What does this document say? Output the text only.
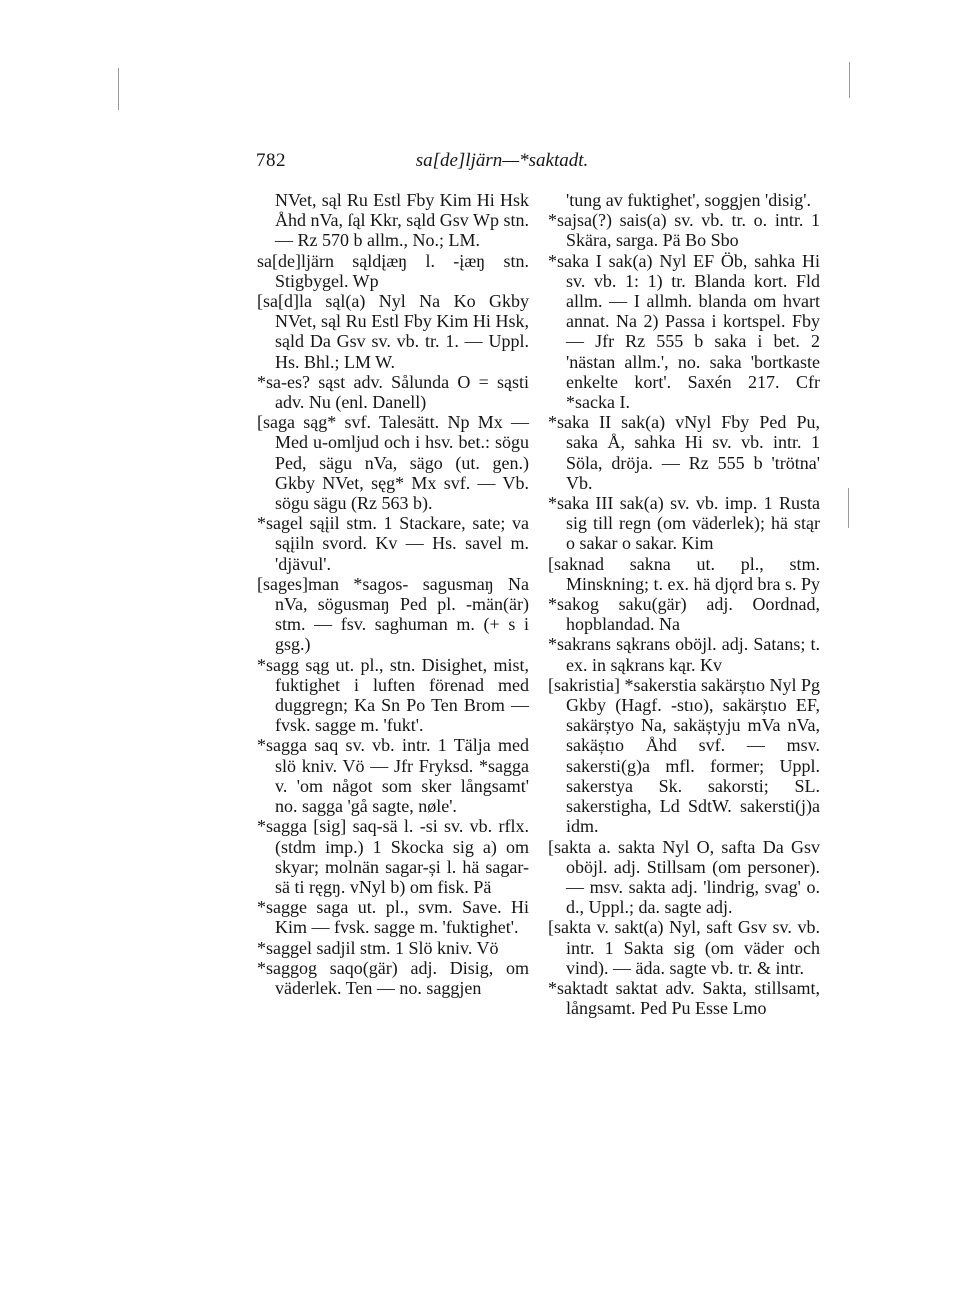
782	sa[de]ljärn—*saktadt.

NVet, sąl Ru Estl Fby Kim Hi Hsk Åhd nVa, ſąl Kkr, sąld Gsv Wp stn. — Rz 570 b allm., No.; LM.

sa[de]ljärn sąldįæŋ l. -įæŋ stn. Stigbygel. Wp

[sa[d]la sąl(a) Nyl Na Ko Gkby NVet, sąl Ru Estl Fby Kim Hi Hsk, sąld Da Gsv sv. vb. tr. 1. — Uppl. Hs. Bhl.; LM W.

*sa-es? sąst adv. Sålunda O = sąsti adv. Nu (enl. Danell)

[saga sąg* svf. Talesätt. Np Mx — Med u-omljud och i hsv. bet.: sögu Ped, sägu nVa, sägo (ut. gen.) Gkby NVet, sęg* Mx svf. — Vb. sögu sägu (Rz 563 b).

*sagel sąįil stm. 1 Stackare, sate; va sąįiln svord. Kv — Hs. savel m. 'djävul'.

[sages]man *sagos- sagusmaŋ Na nVa, sögusmaŋ Ped pl. -män(är) stm. — fsv. saghuman m. (+ s i gsg.)

*sagg sąg ut. pl., stn. Disighet, mist, fuktighet i luften förenad med duggregn; Ka Sn Po Ten Brom — fvsk. sagge m. 'fukt'.

*sagga saq sv. vb. intr. 1 Tälja med slö kniv. Vö — Jfr Fryksd. *sagga v. 'om något som sker långsamt' no. sagga 'gå sagte, nøle'.

*sagga [sig] saq-sä l. -si sv. vb. rflx. (stdm imp.) 1 Skocka sig a) om skyar; molnän sagar-și l. hä sagar-sä ti ręgŋ. vNyl b) om fisk. Pä

*sagge saga ut. pl., svm. Save. Hi Kim — fvsk. sagge m. 'fuktighet'.

*saggel sadjil stm. 1 Slö kniv. Vö

*saggog saqo(gär) adj. Disig, om väderlek. Ten — no. saggjen

'tung av fuktighet', soggjen 'disig'.

*sajsa(?) sais(a) sv. vb. tr. o. intr. 1 Skära, sarga. Pä Bo Sbo

*saka I sak(a) Nyl EF Öb, sahka Hi sv. vb. 1: 1) tr. Blanda kort. Fld allm. — I allmh. blanda om hvart annat. Na 2) Passa i kortspel. Fby — Jfr Rz 555 b saka i bet. 2 'nästan allm.', no. saka 'bortkaste enkelte kort'. Saxén 217. Cfr *sacka I.

*saka II sak(a) vNyl Fby Ped Pu, saka Å, sahka Hi sv. vb. intr. 1 Söla, dröja. — Rz 555 b 'trötna' Vb.

*saka III sak(a) sv. vb. imp. 1 Rusta sig till regn (om väderlek); hä stąr o sakar o sakar. Kim

[saknad sakna ut. pl., stm. Minskning; t. ex. hä djǫrd bra s. Py

*sakog saku(gär) adj. Oordnad, hopblandad. Na

*sakrans sąkrans oböjl. adj. Satans; t. ex. in sąkrans kąr. Kv

[sakristia] *sakerstia sakärștıo Nyl Pg Gkby (Hagf. -stıo), sakärștıo EF, sakärștyo Na, sakäștyju mVa nVa, sakäștıo Åhd svf. — msv. sakersti(g)a mfl. former; Uppl. sakerstya Sk. sakorsti; SL. sakerstigha, Ld SdtW. sakersti(j)a idm.

[sakta a. sakta Nyl O, safta Da Gsv oböjl. adj. Stillsam (om personer). — msv. sakta adj. 'lindrig, svag' o. d., Uppl.; da. sagte adj.

[sakta v. sakt(a) Nyl, saft Gsv sv. vb. intr. 1 Sakta sig (om väder och vind). — äda. sagte vb. tr. & intr.

*saktadt saktat adv. Sakta, stillsamt, långsamt. Ped Pu Esse Lmo
